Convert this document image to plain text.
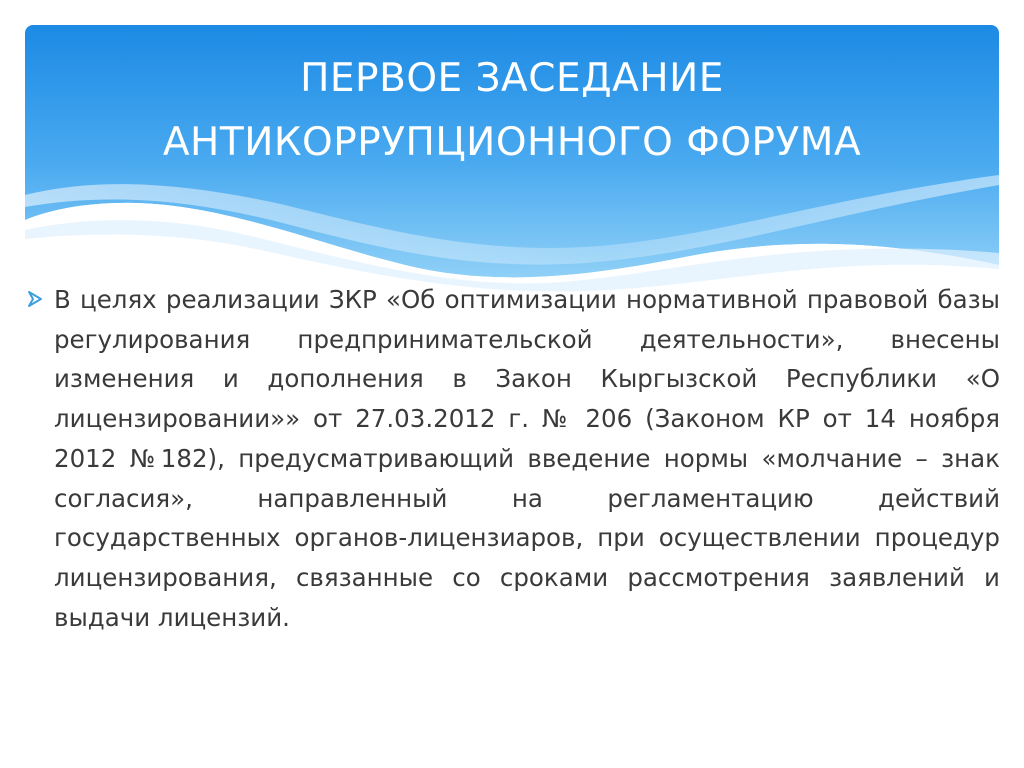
ПЕРВОЕ ЗАСЕДАНИЕ
АНТИКОРРУПЦИОННОГО ФОРУМА

В целях реализации ЗКР «Об оптимизации нормативной правовой базы регулирования предпринимательской деятельности», внесены изменения и дополнения в Закон Кыргызской Республики «О лицензировании»» от 27.03.2012 г. № 206 (Законом КР от 14 ноября 2012 №182), предусматривающий введение нормы «молчание – знак согласия», направленный на регламентацию действий государственных органов-лицензиаров, при осуществлении процедур лицензирования, связанные со сроками рассмотрения заявлений и выдачи лицензий.
